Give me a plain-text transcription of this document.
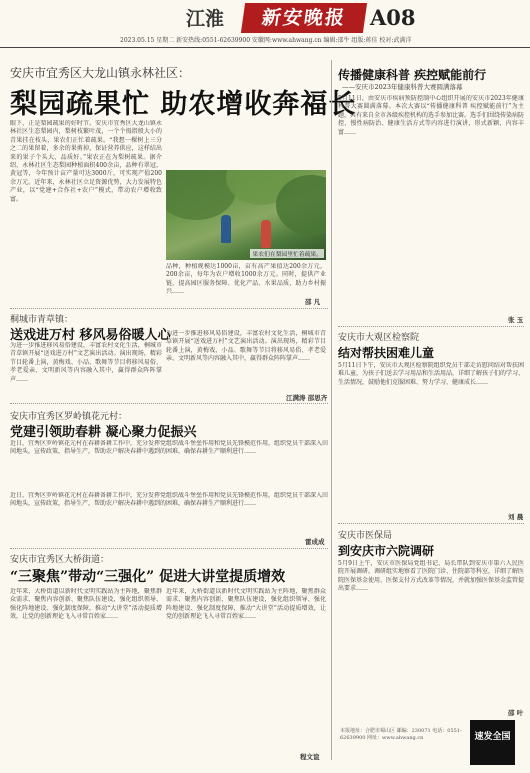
江淮	新安晚报	A08
2023.05.15 星期二 新安热线:0551-62639900 安徽网:www.ahwang.cn 编辑:邵牛 组版:蒋佳 校对:武满洋
安庆市宜秀区大龙山镇永林社区：
梨园疏果忙 助农增收奔福长
眼下，正是梨园疏果的好时节。安庆市宜秀区大龙山镇永林社区生态梨园内，梨树枝繁叶茂，一个个拇指般大小的青果挂在枝头，果农们正忙着疏果。“我想一棵树上三分之二的果留着，多余的果剪掉，保证营养供应，这样结出来的果子个头大、品质好。”果农正在为梨树疏果。据介绍，永林社区生态梨园种植面积400余亩，品种有翠冠、黄冠等，今年预计亩产量可达3000斤，可实现产值200余万元。近年来，永林社区立足资源优势，大力发展特色产业，以“党建+合作社+农户”模式，带动农户增收致富。
果农们在梨园里忙着疏果。
品种，种植规模达1000亩，亩有高产果值达200余万元，200余亩，每年为农户增收1000余万元。同时，提供产业链，提高园区服务保障、优化产品、水果品质，助力乡村振兴……
邵 凡
桐城市青草镇：
送戏进万村 移风易俗暖人心
为进一步推进移风易俗建设，丰富农村文化生活，桐城市青草镇开展“送戏进万村”文艺演出活动。演出现场，精彩节目轮番上演，黄梅戏、小品、歌舞等节目将移风易俗、孝老爱亲、文明新风等内容融入其中，赢得群众阵阵掌声……
为进一步推进移风易俗建设，丰富农村文化生活，桐城市青草镇开展“送戏进万村”文艺演出活动。演出现场，精彩节目轮番上演，黄梅戏、小品、歌舞等节目将移风易俗、孝老爱亲、文明新风等内容融入其中，赢得群众阵阵掌声……
江满涛 邵思齐
安庆市宜秀区罗岭镇花元村：
党建引领助春耕 凝心聚力促振兴
近日，宜秀区罗岭镇花元村在春耕备耕工作中，充分发挥党组织战斗堡垒作用和党员先锋模范作用，组织党员干部深入田间地头，宣传政策，指导生产，帮助农户解决春耕中遇到的困难，确保春耕生产顺利进行……
近日，宜秀区罗岭镇花元村在春耕备耕工作中，充分发挥党组织战斗堡垒作用和党员先锋模范作用，组织党员干部深入田间地头，宣传政策，指导生产，帮助农户解决春耕中遇到的困难，确保春耕生产顺利进行……
雷成成
安庆市宜秀区大桥街道：
“三聚焦”带动“三强化” 促进大讲堂提质增效
近年来，大桥街道以新时代文明实践站为主阵地，聚焦群众需求、聚焦内容创新、聚焦队伍建设，强化组织领导、强化阵地建设、强化制度保障，推动“大讲堂”活动提质增效，让党的创新理论飞入寻常百姓家……
近年来，大桥街道以新时代文明实践站为主阵地，聚焦群众需求、聚焦内容创新、聚焦队伍建设，强化组织领导、强化阵地建设、强化制度保障，推动“大讲堂”活动提质增效，让党的创新理论飞入寻常百姓家……
程文谊
传播健康科普 疾控赋能前行
——安庆市2023年健康科普大赛圆满落幕
5月11日，由安庆市疾病预防控制中心组织开展的安庆市2023年健康科普大赛圆满落幕。本次大赛以“传播健康科普 疾控赋能前行”为主题，共有来自全市各级疾控机构的选手参加比赛。选手们围绕传染病防控、慢性病防治、健康生活方式等内容进行演讲，形式新颖，内容丰富……
张 玉
安庆市大观区检察院
结对帮扶困难儿童
5月11日下午，安庆市大观区检察院组织党员干部走访慰问结对帮扶困难儿童，为孩子们送去学习用品和生活用品，详细了解孩子们的学习、生活情况，鼓励他们克服困难、努力学习、健康成长……
刘 晨
安庆市医保局
到安庆市六院调研
5月9日上午，安庆市医保局党组书记、局长带队到安庆市第六人民医院开展调研。调研组实地察看了医院门诊、住院部等科室，详细了解医院医保基金使用、医保支付方式改革等情况，并就加强医保基金监管提出要求……
邵 叶
本报地址：合肥市蜀山区 邮编：230071 电话：0551-62639900 网址：www.ahwang.cn	速发全国
